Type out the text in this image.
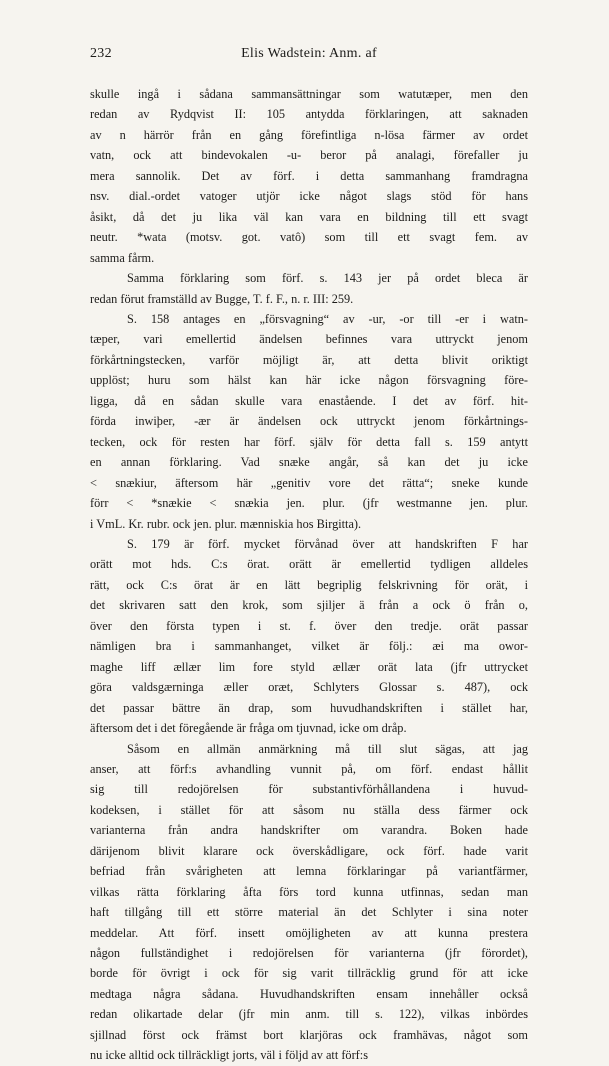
232	Elis Wadstein: Anm. af

skulle ingå i sådana sammansättningar som watutæper, men den
redan av Rydqvist II: 105 antydda förklaringen, att saknaden
av n härrör från en gång förefintliga n-lösa färmer av ordet
vatn, ock att bindevokalen -u- beror på analagi, förefaller ju
mera sannolik. Det av förf. i detta sammanhang framdragna
nsv. dial.-ordet vatoger utjör icke något slags stöd för hans
åsikt, då det ju lika väl kan vara en bildning till ett svagt
neutr. *wata (motsv. got. vatô) som till ett svagt fem. av
samma fårm.

Samma förklaring som förf. s. 143 jer på ordet bleca är
redan förut framställd av Bugge, T. f. F., n. r. III: 259.

S. 158 antages en „försvagning“ av -ur, -or till -er i watn-
tæper, vari emellertid ändelsen befinnes vara uttryckt jenom
förkårtningstecken, varför möjligt är, att detta blivit oriktigt
upplöst; huru som hälst kan här icke någon försvagning före-
ligga, då en sådan skulle vara enastående. I det av förf. hit-
förda inwiþer, -ær är ändelsen ock uttryckt jenom förkårtnings-
tecken, ock för resten har förf. själv för detta fall s. 159 antytt
en annan förklaring. Vad snæke angår, så kan det ju icke
< snækiur, äftersom här „genitiv vore det rätta“; sneke kunde
förr < *snækie < snækia jen. plur. (jfr westmanne jen. plur.
i VmL. Kr. rubr. ock jen. plur. mænniskia hos Birgitta).

S. 179 är förf. mycket förvånad över att handskriften F har
orätt mot hds. C:s örat. orätt är emellertid tydligen alldeles
rätt, ock C:s örat är en lätt begriplig felskrivning för orät, i
det skrivaren satt den krok, som sjiljer ä från a ock ö från o,
över den första typen i st. f. över den tredje. orät passar
nämligen bra i sammanhanget, vilket är följ.: æi ma owor-
maghe liff ællær lim fore styld ællær orät lata (jfr uttrycket
göra valdsgærninga æller oræt, Schlyters Glossar s. 487), ock
det passar bättre än drap, som huvudhandskriften i stället har,
äftersom det i det föregående är fråga om tjuvnad, icke om dråp.

Såsom en allmän anmärkning må till slut sägas, att jag
anser, att förf:s avhandling vunnit på, om förf. endast hållit
sig till redojörelsen för substantivförhållandena i huvud-
kodeksen, i stället för att såsom nu ställa dess färmer ock
varianterna från andra handskrifter om varandra. Boken hade
därijenom blivit klarare ock överskådligare, ock förf. hade varit
befriad från svårigheten att lemna förklaringar på variantfärmer,
vilkas rätta förklaring åfta förs tord kunna utfinnas, sedan man
haft tillgång till ett större material än det Schlyter i sina noter
meddelar. Att förf. insett omöjligheten av att kunna prestera
någon fullständighet i redojörelsen för varianterna (jfr förordet),
borde för övrigt i ock för sig varit tillräcklig grund för att icke
medtaga några sådana. Huvudhandskriften ensam innehåller också
redan olikartade delar (jfr min anm. till s. 122), vilkas inbördes
sjillnad först ock främst bort klarjöras ock framhävas, något som
nu icke alltid ock tillräckligt jorts, väl i följd av att förf:s
